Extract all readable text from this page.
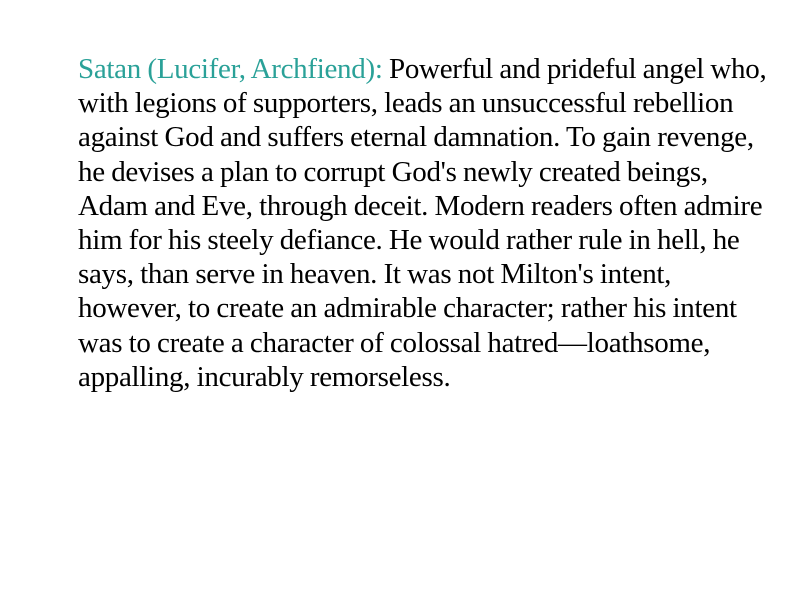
Satan (Lucifer, Archfiend): Powerful and prideful angel who, with legions of supporters, leads an unsuccessful rebellion against God and suffers eternal damnation. To gain revenge, he devises a plan to corrupt God's newly created beings, Adam and Eve, through deceit. Modern readers often admire him for his steely defiance. He would rather rule in hell, he says, than serve in heaven. It was not Milton's intent, however, to create an admirable character; rather his intent was to create a character of colossal hatred—loathsome, appalling, incurably remorseless.
